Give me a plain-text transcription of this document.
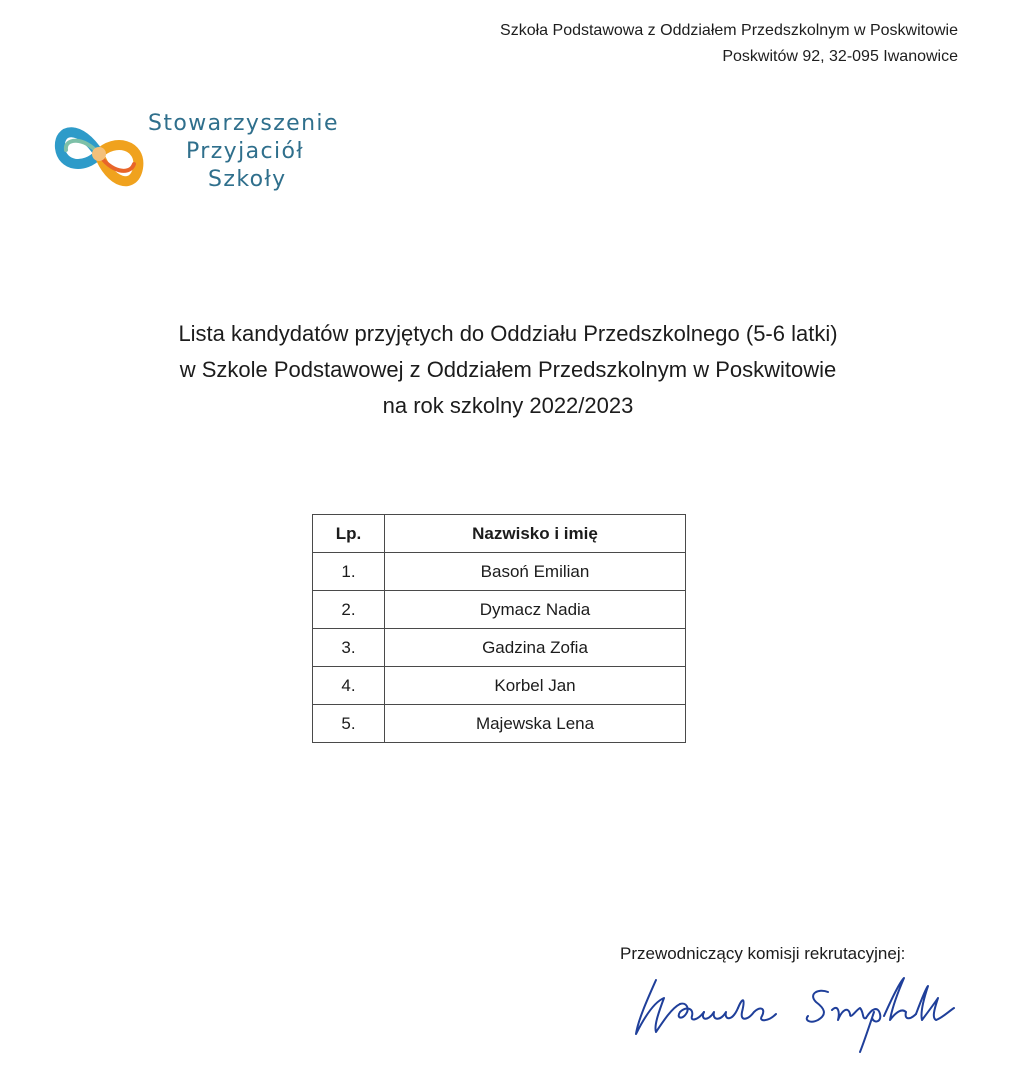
Szkoła Podstawowa z Oddziałem Przedszkolnym w Poskwitowie
Poskwitów 92, 32-095 Iwanowice
Stowarzyszenie
Przyjaciół
Szkoły
Lista kandydatów przyjętych do Oddziału Przedszkolnego (5-6 latki)
w Szkole Podstawowej z Oddziałem Przedszkolnym w Poskwitowie
na rok szkolny 2022/2023
Lp.	Nazwisko i imię
1.	Basoń Emilian
2.	Dymacz Nadia
3.	Gadzina Zofia
4.	Korbel Jan
5.	Majewska Lena
Przewodniczący komisji rekrutacyjnej:
